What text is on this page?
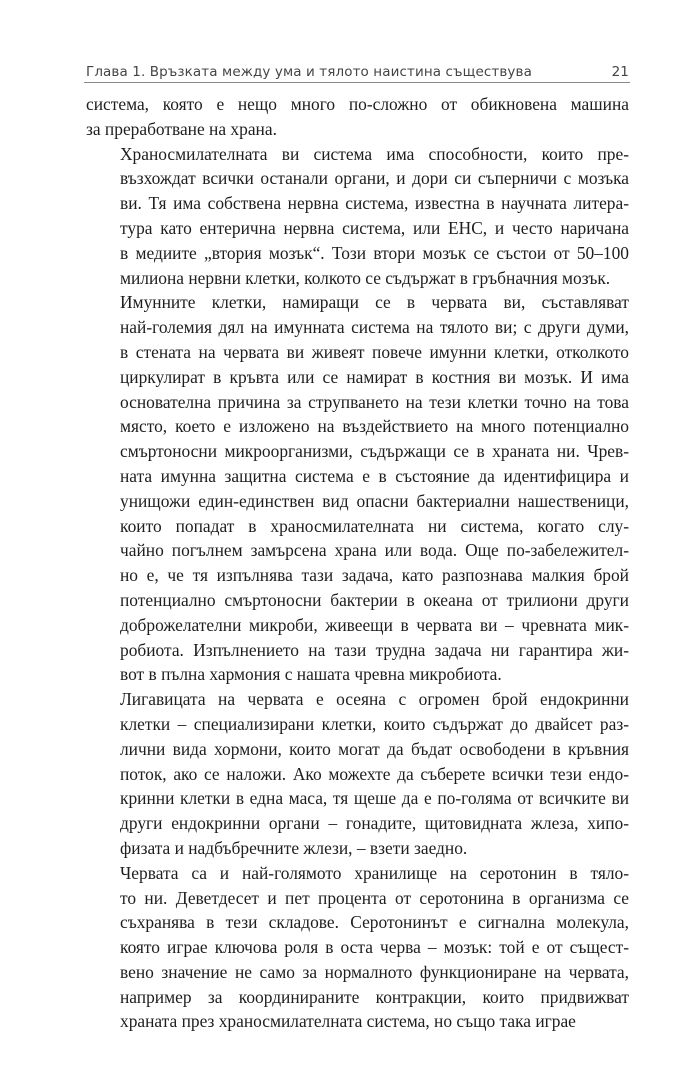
Глава 1. Връзката между ума и тялото наистина съществува	21
система, която е нещо много по-сложно от обикновена машина
за преработване на храна.
Храносмилателната ви система има способности, които пре-
възхождат всички останали органи, и дори си съперничи с мозъка
ви. Тя има собствена нервна система, известна в научната литера-
тура като ентерична нервна система, или ЕНС, и често наричана
в медиите „втория мозък“. Този втори мозък се състои от 50–100
милиона нервни клетки, колкото се съдържат в гръбначния мозък.
Имунните клетки, намиращи се в червата ви, съставляват
най-големия дял на имунната система на тялото ви; с други думи,
в стената на червата ви живеят повече имунни клетки, отколкото
циркулират в кръвта или се намират в костния ви мозък. И има
основателна причина за струпването на тези клетки точно на това
място, което е изложено на въздействието на много потенциално
смъртоносни микроорганизми, съдържащи се в храната ни. Чрев-
ната имунна защитна система е в състояние да идентифицира и
унищожи един-единствен вид опасни бактериални нашественици,
които попадат в храносмилателната ни система, когато слу-
чайно погълнем замърсена храна или вода. Още по-забележител-
но е, че тя изпълнява тази задача, като разпознава малкия брой
потенциално смъртоносни бактерии в океана от трилиони други
доброжелателни микроби, живеещи в червата ви – чревната мик-
робиота. Изпълнението на тази трудна задача ни гарантира жи-
вот в пълна хармония с нашата чревна микробиота.
Лигавицата на червата е осеяна с огромен брой ендокринни
клетки – специализирани клетки, които съдържат до двайсет раз-
лични вида хормони, които могат да бъдат освободени в кръвния
поток, ако се наложи. Ако можехте да съберете всички тези ендо-
кринни клетки в една маса, тя щеше да е по-голяма от всичките ви
други ендокринни органи – гонадите, щитовидната жлеза, хипо-
физата и надбъбречните жлези, – взети заедно.
Червата са и най-голямото хранилище на серотонин в тяло-
то ни. Деветдесет и пет процента от серотонина в организма се
съхранява в тези складове. Серотонинът е сигнална молекула,
която играе ключова роля в оста черва – мозък: той е от същест-
вено значение не само за нормалното функциониране на червата,
например за координираните контракции, които придвижват
храната през храносмилателната система, но също така играе
